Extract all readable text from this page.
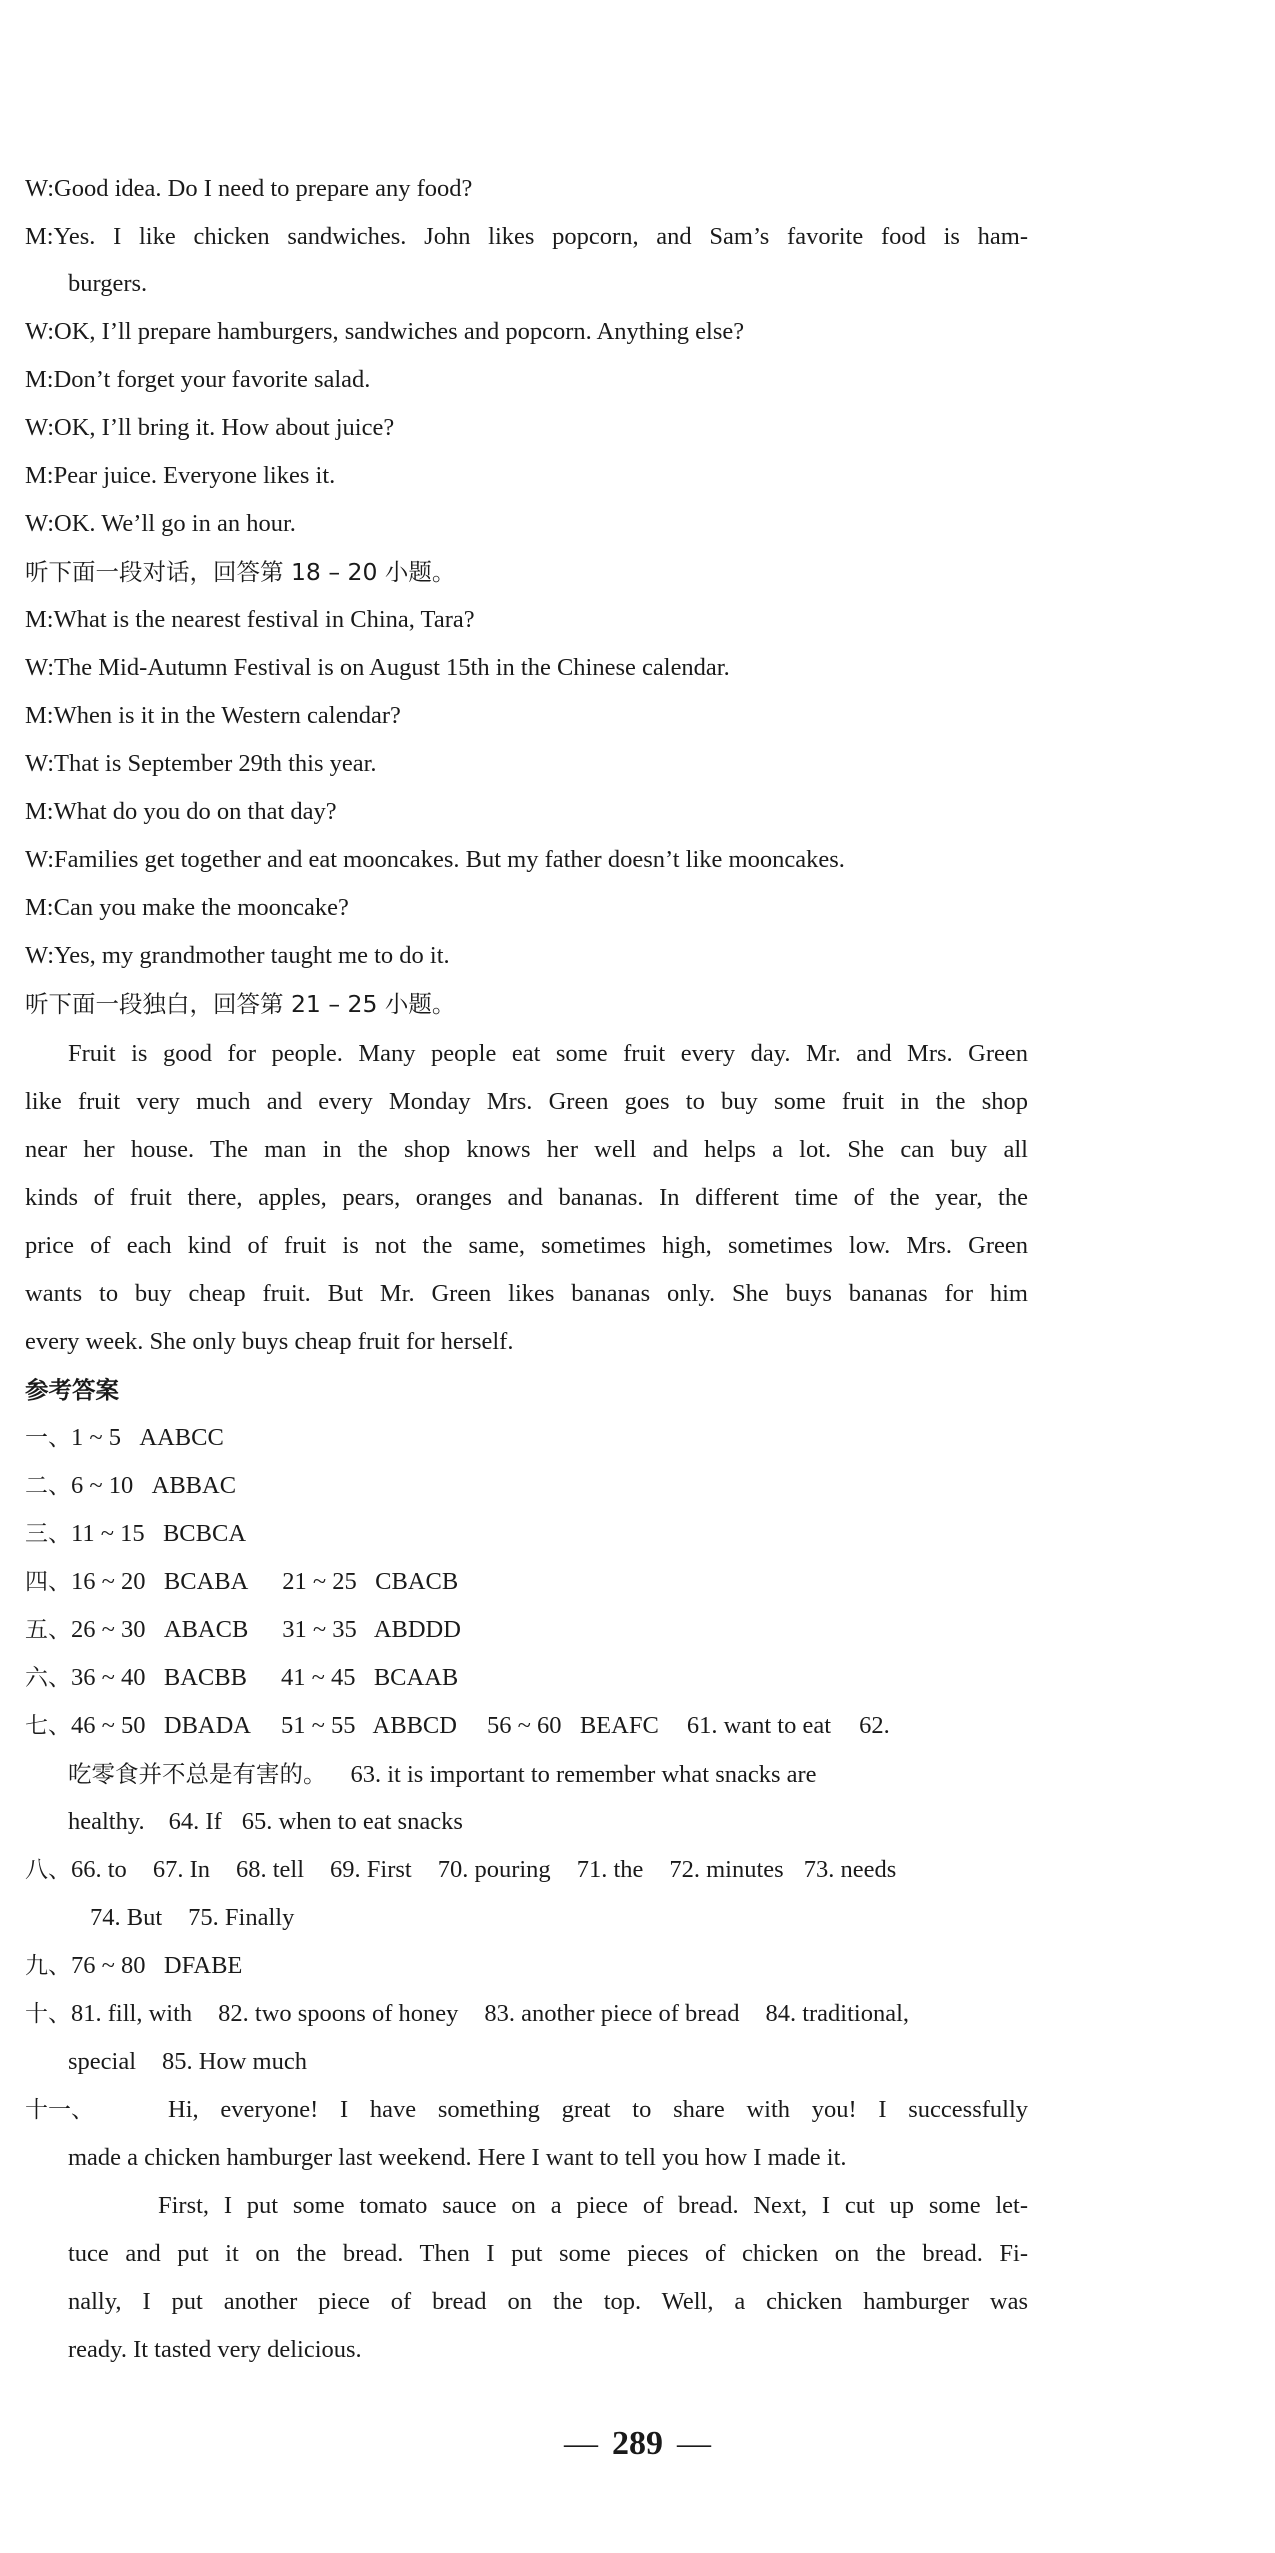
W:Good idea. Do I need to prepare any food?
M:Yes. I like chicken sandwiches. John likes popcorn, and Sam’s favorite food is ham-
burgers.
W:OK, I’ll prepare hamburgers, sandwiches and popcorn. Anything else?
M:Don’t forget your favorite salad.
W:OK, I’ll bring it. How about juice?
M:Pear juice. Everyone likes it.
W:OK. We’ll go in an hour.
听下面一段对话，回答第 18 – 20 小题。
M:What is the nearest festival in China, Tara?
W:The Mid-Autumn Festival is on August 15th in the Chinese calendar.
M:When is it in the Western calendar?
W:That is September 29th this year.
M:What do you do on that day?
W:Families get together and eat mooncakes. But my father doesn’t like mooncakes.
M:Can you make the mooncake?
W:Yes, my grandmother taught me to do it.
听下面一段独白，回答第 21 – 25 小题。
Fruit is good for people. Many people eat some fruit every day. Mr. and Mrs. Green
like fruit very much and every Monday Mrs. Green goes to buy some fruit in the shop
near her house. The man in the shop knows her well and helps a lot. She can buy all
kinds of fruit there, apples, pears, oranges and bananas. In different time of the year, the
price of each kind of fruit is not the same, sometimes high, sometimes low. Mrs. Green
wants to buy cheap fruit. But Mr. Green likes bananas only. She buys bananas for him
every week. She only buys cheap fruit for herself.
参考答案
一、1 ~ 5   AABCC
二、6 ~ 10   ABBAC
三、11 ~ 15   BCBCA
四、16 ~ 20   BCABA 21 ~ 25   CBACB
五、26 ~ 30   ABACB 31 ~ 35   ABDDD
六、36 ~ 40   BACBB 41 ~ 45   BCAAB
七、46 ~ 50   DBADA 51 ~ 55   ABBCD 56 ~ 60   BEAFC 61. want to eat 62.
吃零食并不总是有害的。 63. it is important to remember what snacks are
healthy. 64. If 65. when to eat snacks
八、66. to 67. In 68. tell 69. First 70. pouring 71. the 72. minutes 73. needs
74. But 75. Finally
九、76 ~ 80   DFABE
十、81. fill, with 82. two spoons of honey 83. another piece of bread 84. traditional,
special 85. How much
十一、	Hi, everyone! I have something great to share with you! I successfully
made a chicken hamburger last weekend. Here I want to tell you how I made it.
First, I put some tomato sauce on a piece of bread. Next, I cut up some let-
tuce and put it on the bread. Then I put some pieces of chicken on the bread. Fi-
nally, I put another piece of bread on the top. Well, a chicken hamburger was
ready. It tasted very delicious.
— 289 —
